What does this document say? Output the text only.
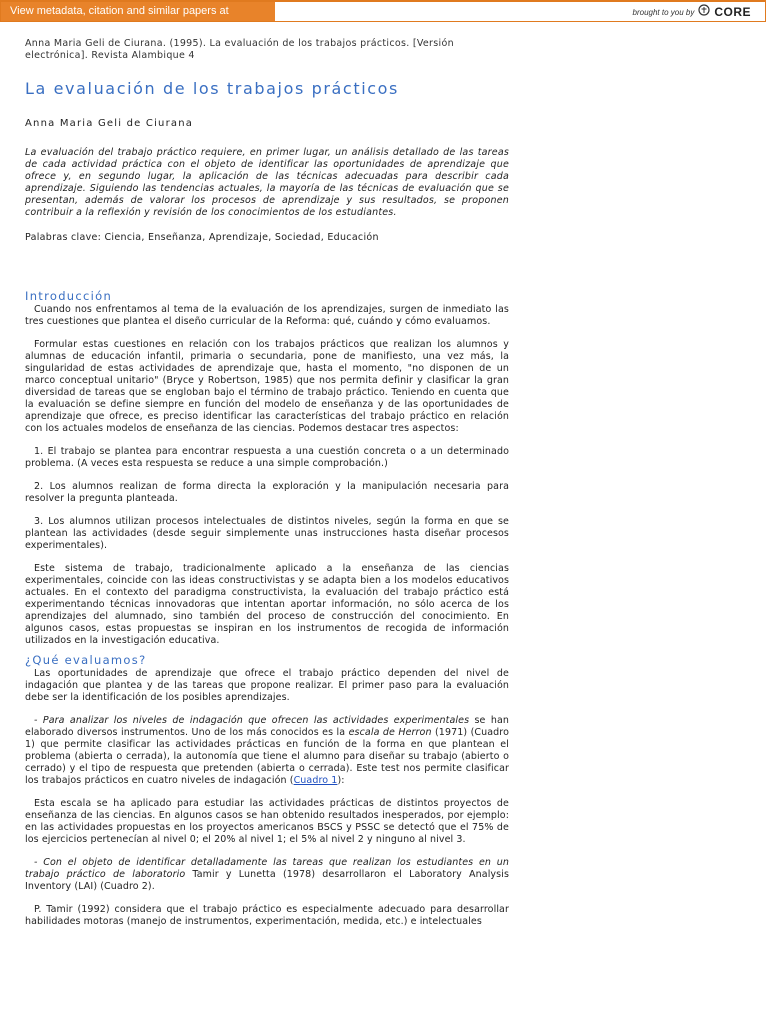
View metadata, citation and similar papers at core.ac.uk
brought to you by CORE
Anna Maria Geli de Ciurana. (1995). La evaluación de los trabajos prácticos. [Versión electrónica]. Revista Alambique 4
La evaluación de los trabajos prácticos
Anna Maria Geli de Ciurana
La evaluación del trabajo práctico requiere, en primer lugar, un análisis detallado de las tareas de cada actividad práctica con el objeto de identificar las oportunidades de aprendizaje que ofrece y, en segundo lugar, la aplicación de las técnicas adecuadas para describir cada aprendizaje. Siguiendo las tendencias actuales, la mayoría de las técnicas de evaluación que se presentan, además de valorar los procesos de aprendizaje y sus resultados, se proponen contribuir a la reflexión y revisión de los conocimientos de los estudiantes.
Palabras clave: Ciencia, Enseñanza, Aprendizaje, Sociedad, Educación
Introducción
Cuando nos enfrentamos al tema de la evaluación de los aprendizajes, surgen de inmediato las tres cuestiones que plantea el diseño curricular de la Reforma: qué, cuándo y cómo evaluamos.
Formular estas cuestiones en relación con los trabajos prácticos que realizan los alumnos y alumnas de educación infantil, primaria o secundaria, pone de manifiesto, una vez más, la singularidad de estas actividades de aprendizaje que, hasta el momento, "no disponen de un marco conceptual unitario" (Bryce y Robertson, 1985) que nos permita definir y clasificar la gran diversidad de tareas que se engloban bajo el término de trabajo práctico. Teniendo en cuenta que la evaluación se define siempre en función del modelo de enseñanza y de las oportunidades de aprendizaje que ofrece, es preciso identificar las características del trabajo práctico en relación con los actuales modelos de enseñanza de las ciencias. Podemos destacar tres aspectos:
1. El trabajo se plantea para encontrar respuesta a una cuestión concreta o a un determinado problema. (A veces esta respuesta se reduce a una simple comprobación.)
2. Los alumnos realizan de forma directa la exploración y la manipulación necesaria para resolver la pregunta planteada.
3. Los alumnos utilizan procesos intelectuales de distintos niveles, según la forma en que se plantean las actividades (desde seguir simplemente unas instrucciones hasta diseñar procesos experimentales).
Este sistema de trabajo, tradicionalmente aplicado a la enseñanza de las ciencias experimentales, coincide con las ideas constructivistas y se adapta bien a los modelos educativos actuales. En el contexto del paradigma constructivista, la evaluación del trabajo práctico está experimentando técnicas innovadoras que intentan aportar información, no sólo acerca de los aprendizajes del alumnado, sino también del proceso de construcción del conocimiento. En algunos casos, estas propuestas se inspiran en los instrumentos de recogida de información utilizados en la investigación educativa.
¿Qué evaluamos?
Las oportunidades de aprendizaje que ofrece el trabajo práctico dependen del nivel de indagación que plantea y de las tareas que propone realizar. El primer paso para la evaluación debe ser la identificación de los posibles aprendizajes.
- Para analizar los niveles de indagación que ofrecen las actividades experimentales se han elaborado diversos instrumentos. Uno de los más conocidos es la escala de Herron (1971) (Cuadro 1) que permite clasificar las actividades prácticas en función de la forma en que plantean el problema (abierta o cerrada), la autonomía que tiene el alumno para diseñar su trabajo (abierto o cerrado) y el tipo de respuesta que pretenden (abierta o cerrada). Este test nos permite clasificar los trabajos prácticos en cuatro niveles de indagación (Cuadro 1):
Esta escala se ha aplicado para estudiar las actividades prácticas de distintos proyectos de enseñanza de las ciencias. En algunos casos se han obtenido resultados inesperados, por ejemplo: en las actividades propuestas en los proyectos americanos BSCS y PSSC se detectó que el 75% de los ejercicios pertenecían al nivel 0; el 20% al nivel 1; el 5% al nivel 2 y ninguno al nivel 3.
- Con el objeto de identificar detalladamente las tareas que realizan los estudiantes en un trabajo práctico de laboratorio Tamir y Lunetta (1978) desarrollaron el Laboratory Analysis Inventory (LAI) (Cuadro 2).
P. Tamir (1992) considera que el trabajo práctico es especialmente adecuado para desarrollar habilidades motoras (manejo de instrumentos, experimentación, medida, etc.) e intelectuales
